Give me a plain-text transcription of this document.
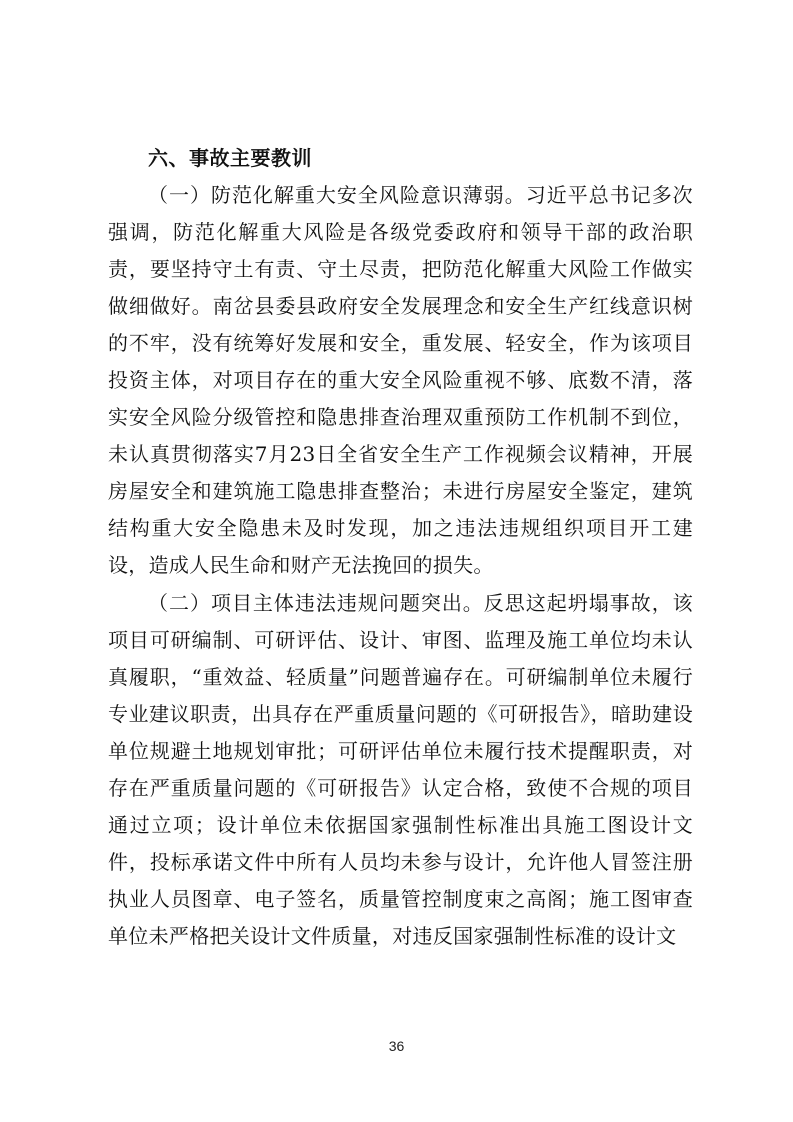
六、事故主要教训

（一）防范化解重大安全风险意识薄弱。习近平总书记多次强调，防范化解重大风险是各级党委政府和领导干部的政治职责，要坚持守土有责、守土尽责，把防范化解重大风险工作做实做细做好。南岔县委县政府安全发展理念和安全生产红线意识树的不牢，没有统筹好发展和安全，重发展、轻安全，作为该项目投资主体，对项目存在的重大安全风险重视不够、底数不清，落实安全风险分级管控和隐患排查治理双重预防工作机制不到位，未认真贯彻落实7月23日全省安全生产工作视频会议精神，开展房屋安全和建筑施工隐患排查整治；未进行房屋安全鉴定，建筑结构重大安全隐患未及时发现，加之违法违规组织项目开工建设，造成人民生命和财产无法挽回的损失。

（二）项目主体违法违规问题突出。反思这起坍塌事故，该项目可研编制、可研评估、设计、审图、监理及施工单位均未认真履职，“重效益、轻质量”问题普遍存在。可研编制单位未履行专业建议职责，出具存在严重质量问题的《可研报告》，暗助建设单位规避土地规划审批；可研评估单位未履行技术提醒职责，对存在严重质量问题的《可研报告》认定合格，致使不合规的项目通过立项；设计单位未依据国家强制性标准出具施工图设计文件，投标承诺文件中所有人员均未参与设计，允许他人冒签注册执业人员图章、电子签名，质量管控制度束之高阁；施工图审查单位未严格把关设计文件质量，对违反国家强制性标准的设计文

36
